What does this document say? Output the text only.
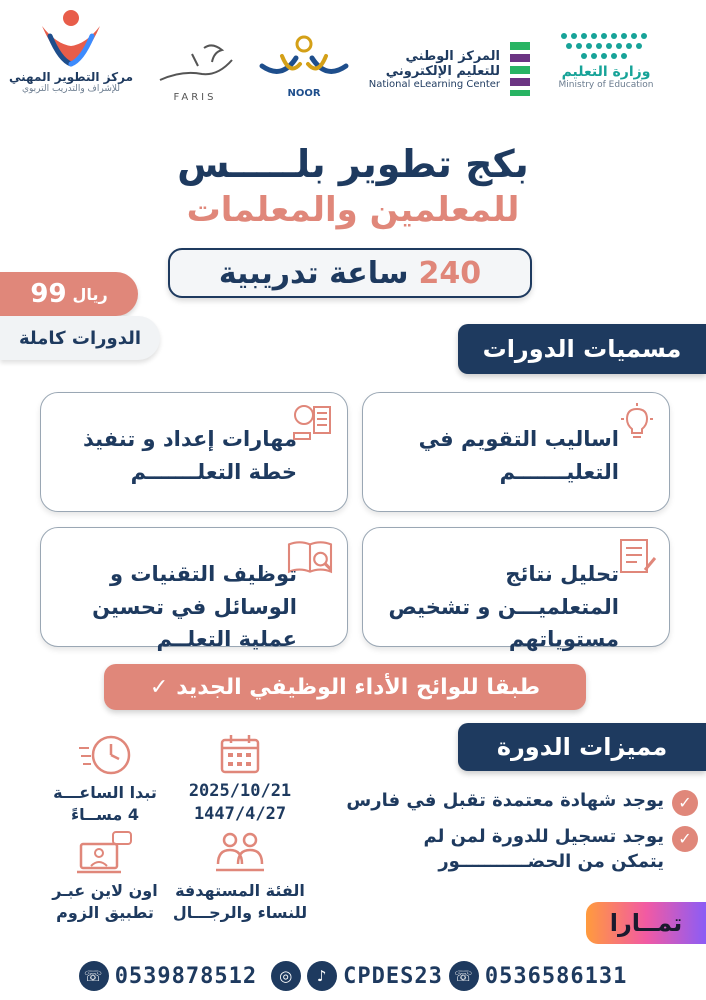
وزارة التعليم
Ministry of Education
المركز الوطني
للتعليم الإلكتروني
National eLearning Center
NOOR
FARIS
مركز التطوير المهني
للإشراف والتدريب التربوي
بكج تطوير بلـــــس
للمعلمين والمعلمات
240
ساعة تدريبية
ريال
99
الدورات كاملة	مسميات الدورات
اساليب التقويم في التعليـــــــم
مهارات إعداد و تنفيذ خطة التعلـــــــم
تحليل نتائج المتعلميـــن و تشخيص مستوياتهم
توظيف التقنيات و الوسائل في تحسين عملية التعلــم
طبقا للوائح الأداء الوظيفي الجديد
✓
مميزات الدورة
✓
يوجد شهادة معتمدة تقبل في فارس
✓
يوجد تسجيل للدورة لمن لم يتمكن من الحضـــــــــــور
تبدا الساعـــة
4 مســاءً
2025/10/21
1447/4/27
اون لاين عبـر
تطبيق الزوم
الفئة المستهدفة
للنساء والرجـــال	تمــارا
☏ 0539878512	◎	♪ CPDES23 ☏ 0536586131
